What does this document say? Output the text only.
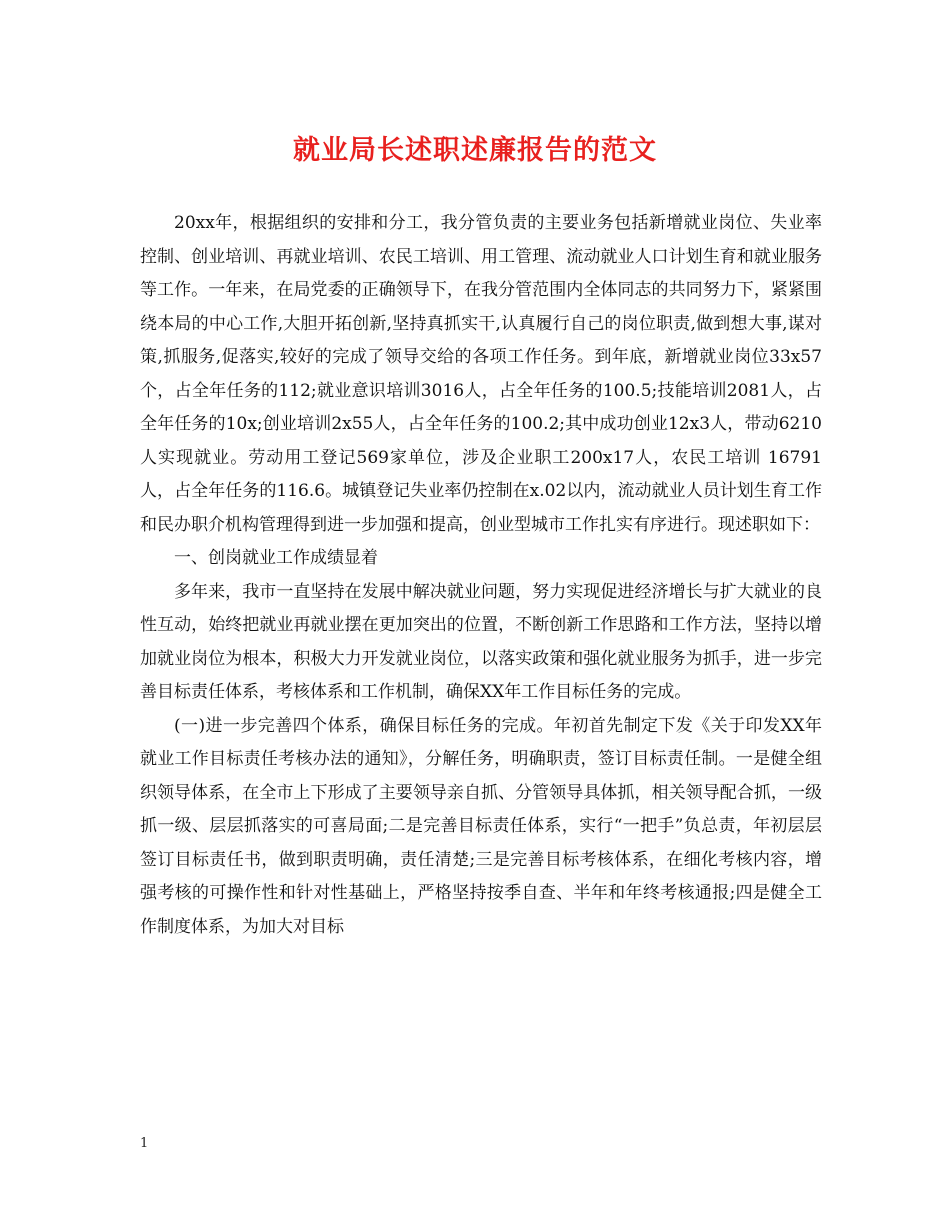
就业局长述职述廉报告的范文

20xx年，根据组织的安排和分工，我分管负责的主要业务包括新增就业岗位、失业率控制、创业培训、再就业培训、农民工培训、用工管理、流动就业人口计划生育和就业服务等工作。一年来，在局党委的正确领导下，在我分管范围内全体同志的共同努力下，紧紧围绕本局的中心工作,大胆开拓创新,坚持真抓实干,认真履行自己的岗位职责,做到想大事,谋对策,抓服务,促落实,较好的完成了领导交给的各项工作任务。到年底，新增就业岗位33x57个，占全年任务的112;就业意识培训3016人，占全年任务的100.5;技能培训2081人，占全年任务的10x;创业培训2x55人，占全年任务的100.2;其中成功创业12x3人，带动6210人实现就业。劳动用工登记569家单位，涉及企业职工200x17人，农民工培训 16791人，占全年任务的116.6。城镇登记失业率仍控制在x.02以内，流动就业人员计划生育工作和民办职介机构管理得到进一步加强和提高，创业型城市工作扎实有序进行。现述职如下：

一、创岗就业工作成绩显着

多年来，我市一直坚持在发展中解决就业问题，努力实现促进经济增长与扩大就业的良性互动，始终把就业再就业摆在更加突出的位置，不断创新工作思路和工作方法，坚持以增加就业岗位为根本，积极大力开发就业岗位，以落实政策和强化就业服务为抓手，进一步完善目标责任体系，考核体系和工作机制，确保XX年工作目标任务的完成。

(一)进一步完善四个体系，确保目标任务的完成。年初首先制定下发《关于印发XX年就业工作目标责任考核办法的通知》，分解任务，明确职责，签订目标责任制。一是健全组织领导体系，在全市上下形成了主要领导亲自抓、分管领导具体抓，相关领导配合抓，一级抓一级、层层抓落实的可喜局面;二是完善目标责任体系，实行“一把手”负总责，年初层层签订目标责任书，做到职责明确，责任清楚;三是完善目标考核体系，在细化考核内容，增强考核的可操作性和针对性基础上，严格坚持按季自查、半年和年终考核通报;四是健全工作制度体系，为加大对目标

1
